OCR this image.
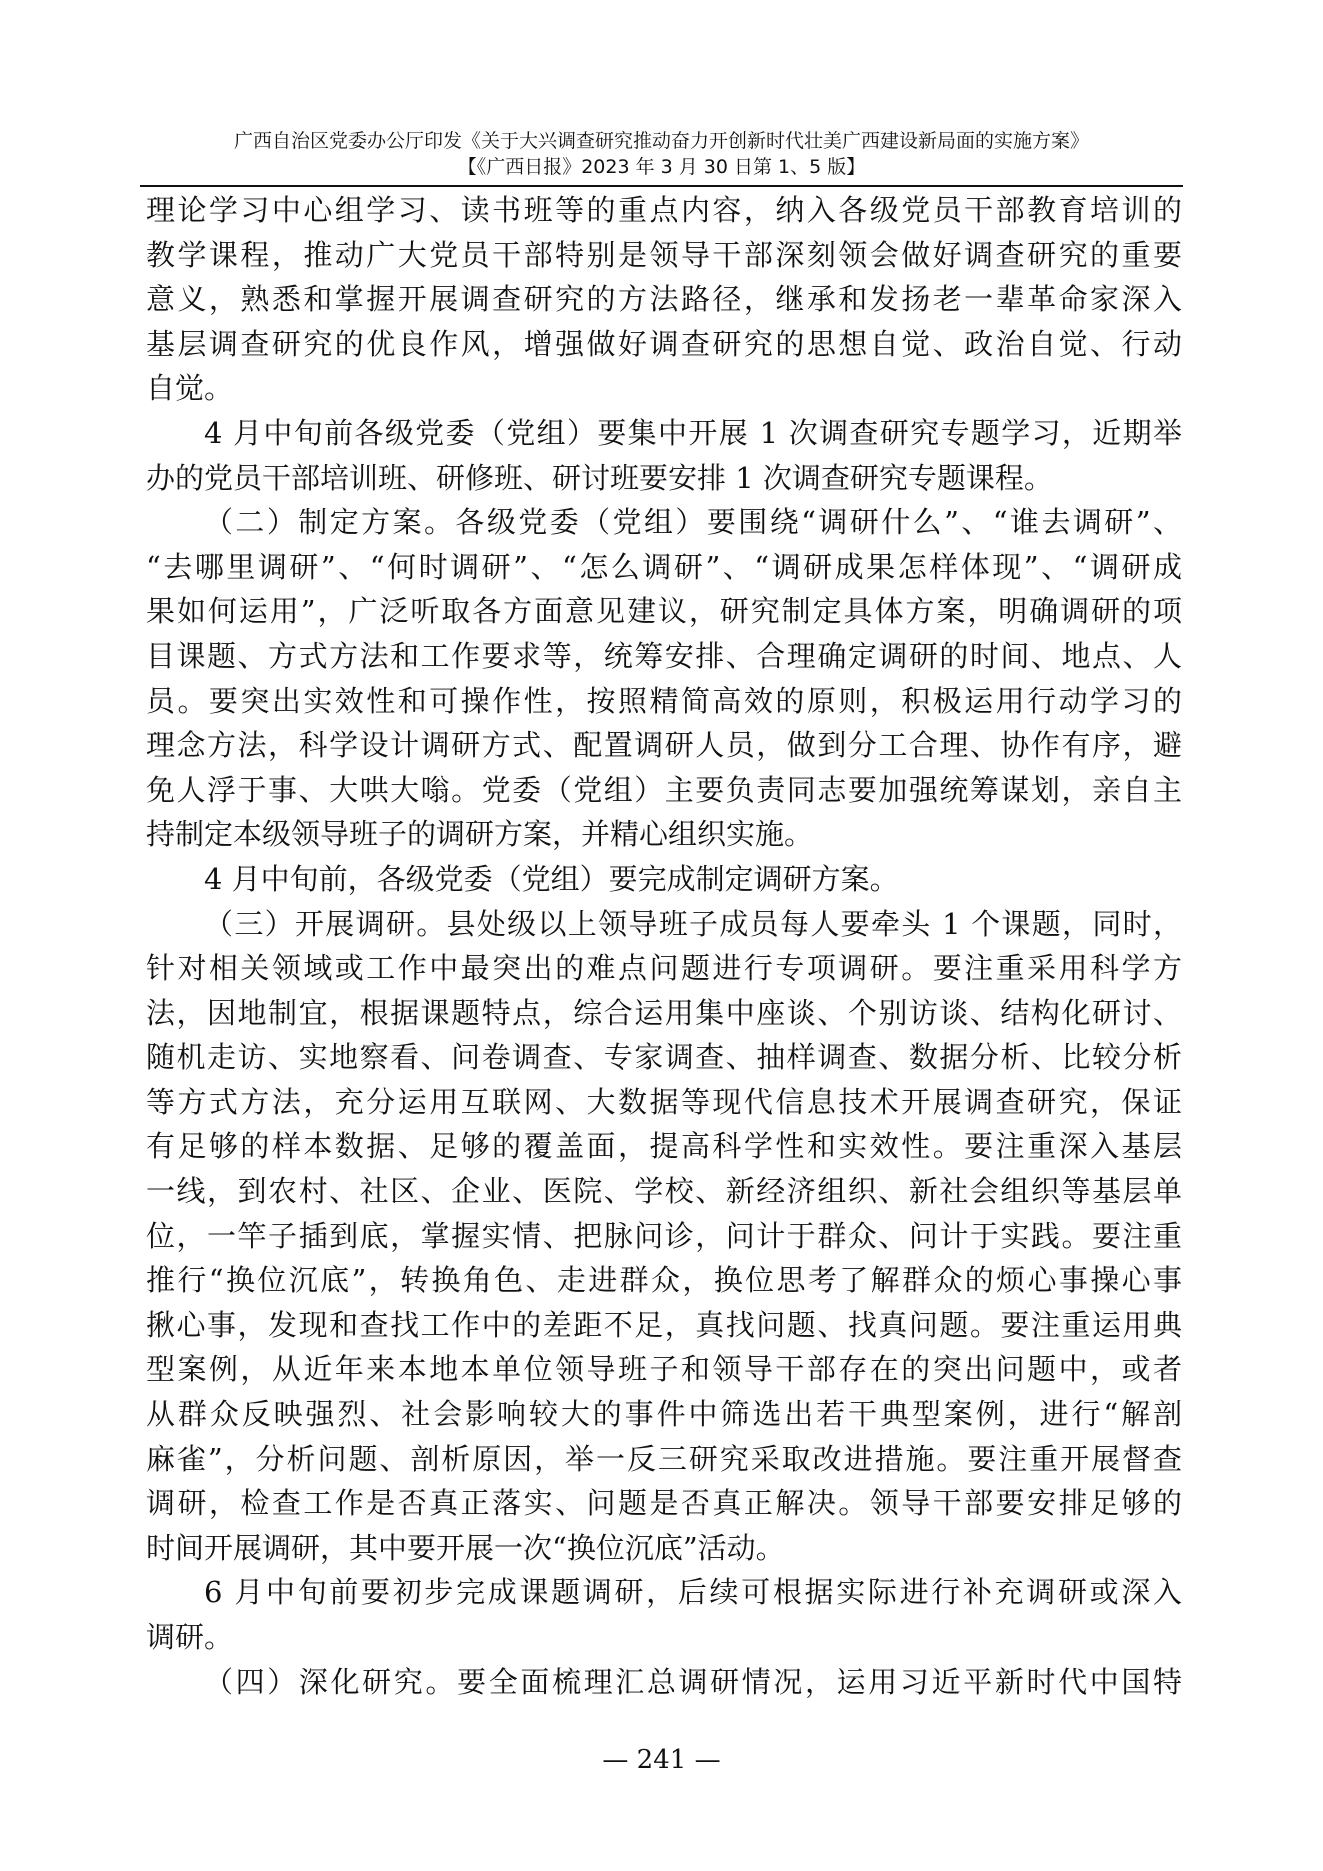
广西自治区党委办公厅印发《关于大兴调查研究推动奋力开创新时代壮美广西建设新局面的实施方案》
【《广西日报》2023 年 3 月 30 日第 1、5 版】
理论学习中心组学习、读书班等的重点内容，纳入各级党员干部教育培训的
教学课程，推动广大党员干部特别是领导干部深刻领会做好调查研究的重要
意义，熟悉和掌握开展调查研究的方法路径，继承和发扬老一辈革命家深入
基层调查研究的优良作风，增强做好调查研究的思想自觉、政治自觉、行动
自觉。
4 月中旬前各级党委（党组）要集中开展 1 次调查研究专题学习，近期举
办的党员干部培训班、研修班、研讨班要安排 1 次调查研究专题课程。
（二）制定方案。各级党委（党组）要围绕“调研什么”、“谁去调研”、
“去哪里调研”、“何时调研”、“怎么调研”、“调研成果怎样体现”、“调研成
果如何运用”，广泛听取各方面意见建议，研究制定具体方案，明确调研的项
目课题、方式方法和工作要求等，统筹安排、合理确定调研的时间、地点、人
员。要突出实效性和可操作性，按照精简高效的原则，积极运用行动学习的
理念方法，科学设计调研方式、配置调研人员，做到分工合理、协作有序，避
免人浮于事、大哄大嗡。党委（党组）主要负责同志要加强统筹谋划，亲自主
持制定本级领导班子的调研方案，并精心组织实施。
4 月中旬前，各级党委（党组）要完成制定调研方案。
（三）开展调研。县处级以上领导班子成员每人要牵头 1 个课题，同时，
针对相关领域或工作中最突出的难点问题进行专项调研。要注重采用科学方
法，因地制宜，根据课题特点，综合运用集中座谈、个别访谈、结构化研讨、
随机走访、实地察看、问卷调查、专家调查、抽样调查、数据分析、比较分析
等方式方法，充分运用互联网、大数据等现代信息技术开展调查研究，保证
有足够的样本数据、足够的覆盖面，提高科学性和实效性。要注重深入基层
一线，到农村、社区、企业、医院、学校、新经济组织、新社会组织等基层单
位，一竿子插到底，掌握实情、把脉问诊，问计于群众、问计于实践。要注重
推行“换位沉底”，转换角色、走进群众，换位思考了解群众的烦心事操心事
揪心事，发现和查找工作中的差距不足，真找问题、找真问题。要注重运用典
型案例，从近年来本地本单位领导班子和领导干部存在的突出问题中，或者
从群众反映强烈、社会影响较大的事件中筛选出若干典型案例，进行“解剖
麻雀”，分析问题、剖析原因，举一反三研究采取改进措施。要注重开展督查
调研，检查工作是否真正落实、问题是否真正解决。领导干部要安排足够的
时间开展调研，其中要开展一次“换位沉底”活动。
6 月中旬前要初步完成课题调研，后续可根据实际进行补充调研或深入
调研。
（四）深化研究。要全面梳理汇总调研情况，运用习近平新时代中国特
— 241 —
